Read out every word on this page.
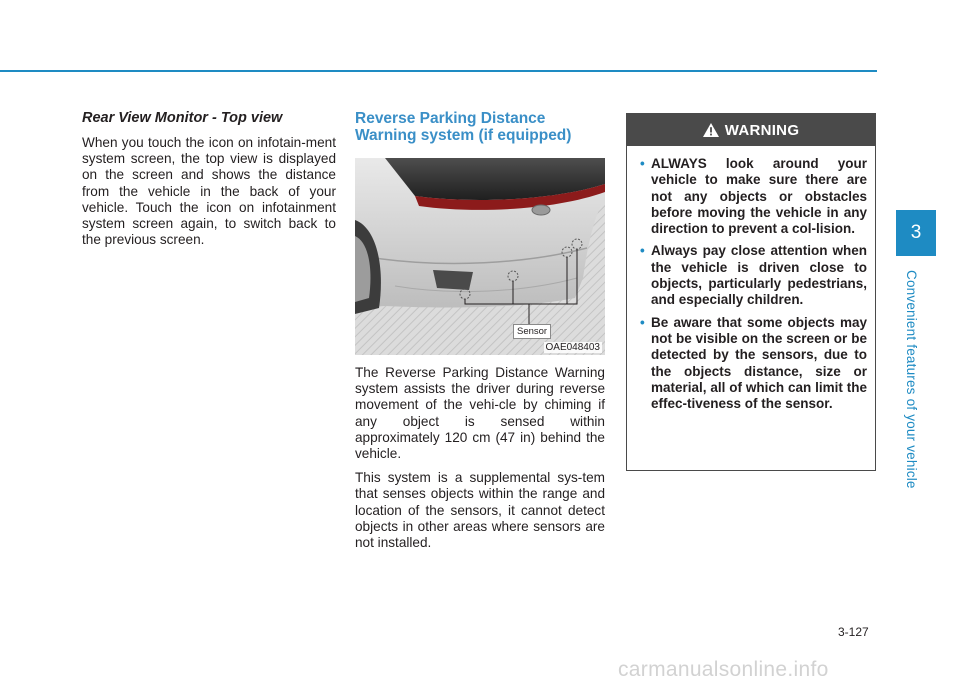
Rear View Monitor - Top view

When you touch the icon on infotain-ment system screen, the top view is displayed on the screen and shows the distance from the vehicle in the back of your vehicle. Touch the icon on infotainment system screen again, to switch back to the previous screen.

Reverse Parking Distance
Warning system (if equipped)
Sensor
OAE048403

The Reverse Parking Distance Warning system assists the driver during reverse movement of the vehi-cle by chiming if any object is sensed within approximately 120 cm (47 in) behind the vehicle.

This system is a supplemental sys-tem that senses objects within the range and location of the sensors, it cannot detect objects in other areas where sensors are not installed.

WARNING
• ALWAYS look around your vehicle to make sure there are not any objects or obstacles before moving the vehicle in any direction to prevent a col-lision.
• Always pay close attention when the vehicle is driven close to objects, particularly pedestrians, and especially children.
• Be aware that some objects may not be visible on the screen or be detected by the sensors, due to the objects distance, size or material, all of which can limit the effec-tiveness of the sensor.
3
Convenient features of your vehicle
3-127
carmanualsonline.info
